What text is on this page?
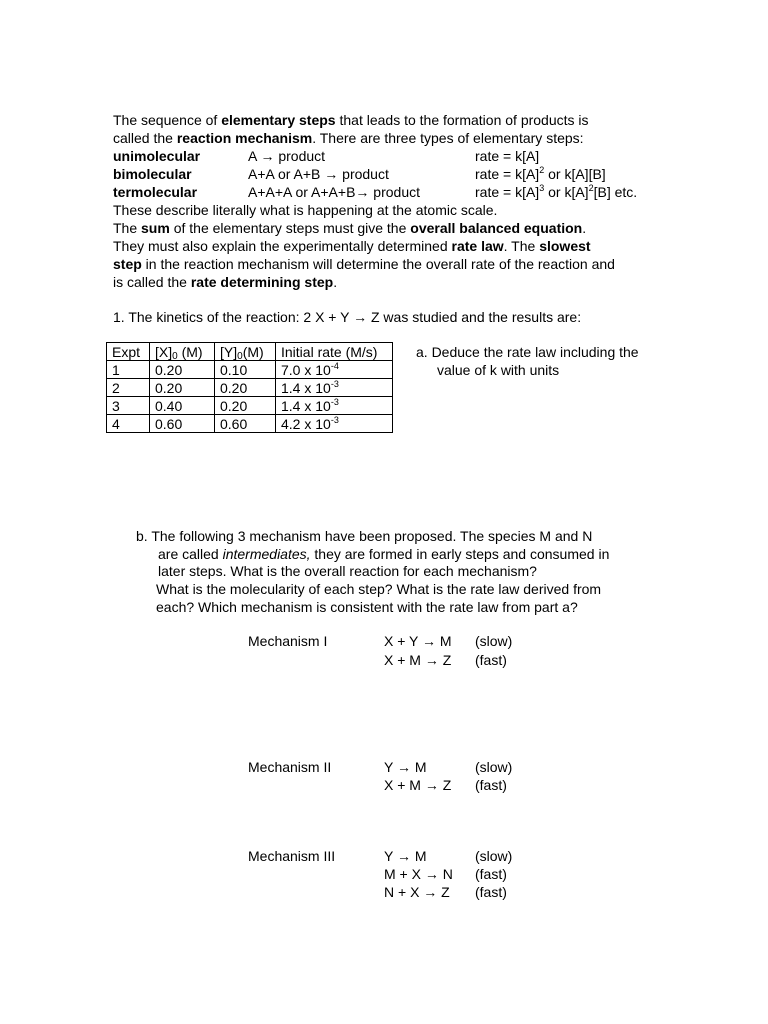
The sequence of elementary steps that leads to the formation of products is
called the reaction mechanism. There are three types of elementary steps:
unimolecular	A → product	rate = k[A]
bimolecular	A+A or A+B → product	rate = $k[A]^2$ or k[A][B]
termolecular	A+A+A or A+A+B→ product	rate = $k[A]^3$ or $k[A]^2[B]$ etc.
These describe literally what is happening at the atomic scale.
The sum of the elementary steps must give the overall balanced equation.
They must also explain the experimentally determined rate law. The slowest
step in the reaction mechanism will determine the overall rate of the reaction and
is called the rate determining step.
1. The kinetics of the reaction: 2 X + Y → Z was studied and the results are:
Expt	$[X]_0$ (M)	$[Y]_0(M)$	Initial rate (M/s)
1	0.20	0.10	7.0 x $10^{-4}$
2	0.20	0.20	1.4 x $10^{-3}$
3	0.40	0.20	1.4 x $10^{-3}$
4	0.60	0.60	4.2 x $10^{-3}$
a. Deduce the rate law including the
value of k with units
b. The following 3 mechanism have been proposed. The species M and N
are called intermediates, they are formed in early steps and consumed in
later steps. What is the overall reaction for each mechanism?
What is the molecularity of each step? What is the rate law derived from
each? Which mechanism is consistent with the rate law from part a?
Mechanism I	X + Y → M (slow)
X + M → Z (fast)
Mechanism II	Y → M	(slow)
X + M → Z (fast)
Mechanism III	Y → M	(slow)
M + X → N (fast)
N + X → Z (fast)
